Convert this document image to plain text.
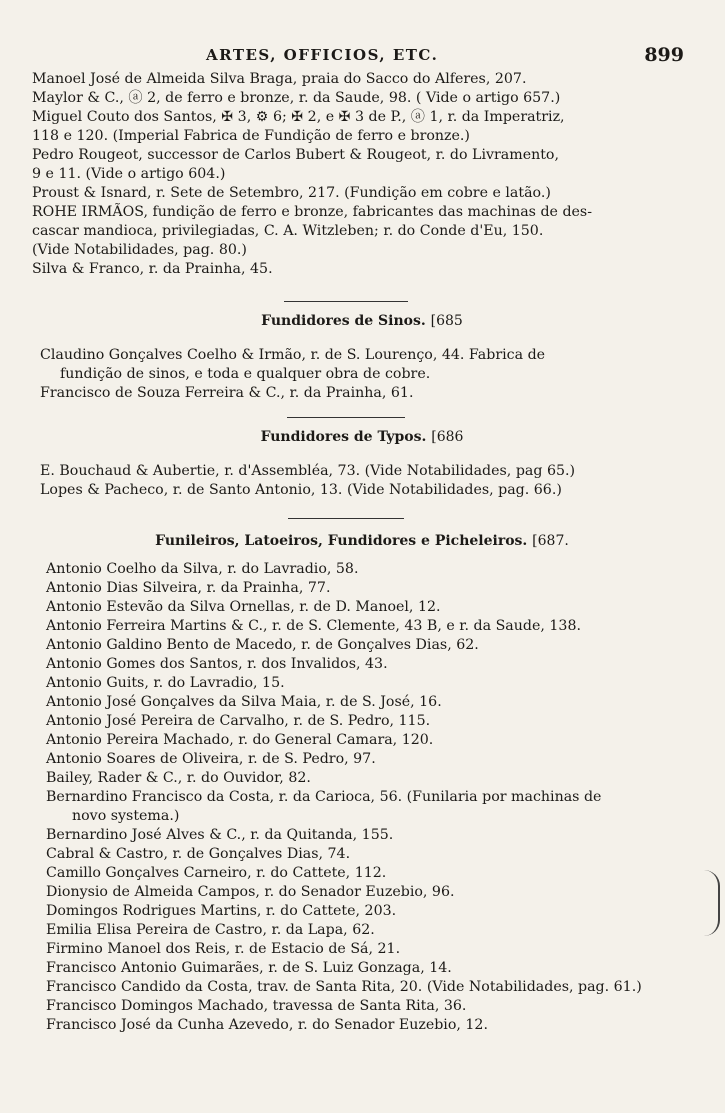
ARTES, OFFICIOS, ETC.	899
Manoel José de Almeida Silva Braga, praia do Sacco do Alferes, 207.
Maylor & C., ⓐ 2, de ferro e bronze, r. da Saude, 98. ( Vide o artigo 657.)
Miguel Couto dos Santos, ✠ 3, ⚙ 6; ✠ 2, e ✠ 3 de P., ⓐ 1, r. da Imperatriz,
118 e 120. (Imperial Fabrica de Fundição de ferro e bronze.)
Pedro Rougeot, successor de Carlos Bubert & Rougeot, r. do Livramento,
9 e 11. (Vide o artigo 604.)
Proust & Isnard, r. Sete de Setembro, 217. (Fundição em cobre e latão.)
ROHE IRMÃOS, fundição de ferro e bronze, fabricantes das machinas de des-
cascar mandioca, privilegiadas, C. A. Witzleben; r. do Conde d'Eu, 150.
(Vide Notabilidades, pag. 80.)
Silva & Franco, r. da Prainha, 45.
Fundidores de Sinos. [685
Claudino Gonçalves Coelho & Irmão, r. de S. Lourenço, 44. Fabrica de
fundição de sinos, e toda e qualquer obra de cobre.
Francisco de Souza Ferreira & C., r. da Prainha, 61.
Fundidores de Typos. [686
E. Bouchaud & Aubertie, r. d'Assembléa, 73. (Vide Notabilidades, pag 65.)
Lopes & Pacheco, r. de Santo Antonio, 13. (Vide Notabilidades, pag. 66.)
Funileiros, Latoeiros, Fundidores e Picheleiros. [687.
Antonio Coelho da Silva, r. do Lavradio, 58.
Antonio Dias Silveira, r. da Prainha, 77.
Antonio Estevão da Silva Ornellas, r. de D. Manoel, 12.
Antonio Ferreira Martins & C., r. de S. Clemente, 43 B, e r. da Saude, 138.
Antonio Galdino Bento de Macedo, r. de Gonçalves Dias, 62.
Antonio Gomes dos Santos, r. dos Invalidos, 43.
Antonio Guits, r. do Lavradio, 15.
Antonio José Gonçalves da Silva Maia, r. de S. José, 16.
Antonio José Pereira de Carvalho, r. de S. Pedro, 115.
Antonio Pereira Machado, r. do General Camara, 120.
Antonio Soares de Oliveira, r. de S. Pedro, 97.
Bailey, Rader & C., r. do Ouvidor, 82.
Bernardino Francisco da Costa, r. da Carioca, 56. (Funilaria por machinas de
novo systema.)
Bernardino José Alves & C., r. da Quitanda, 155.
Cabral & Castro, r. de Gonçalves Dias, 74.
Camillo Gonçalves Carneiro, r. do Cattete, 112.
Dionysio de Almeida Campos, r. do Senador Euzebio, 96.
Domingos Rodrigues Martins, r. do Cattete, 203.
Emilia Elisa Pereira de Castro, r. da Lapa, 62.
Firmino Manoel dos Reis, r. de Estacio de Sá, 21.
Francisco Antonio Guimarães, r. de S. Luiz Gonzaga, 14.
Francisco Candido da Costa, trav. de Santa Rita, 20. (Vide Notabilidades, pag. 61.)
Francisco Domingos Machado, travessa de Santa Rita, 36.
Francisco José da Cunha Azevedo, r. do Senador Euzebio, 12.
